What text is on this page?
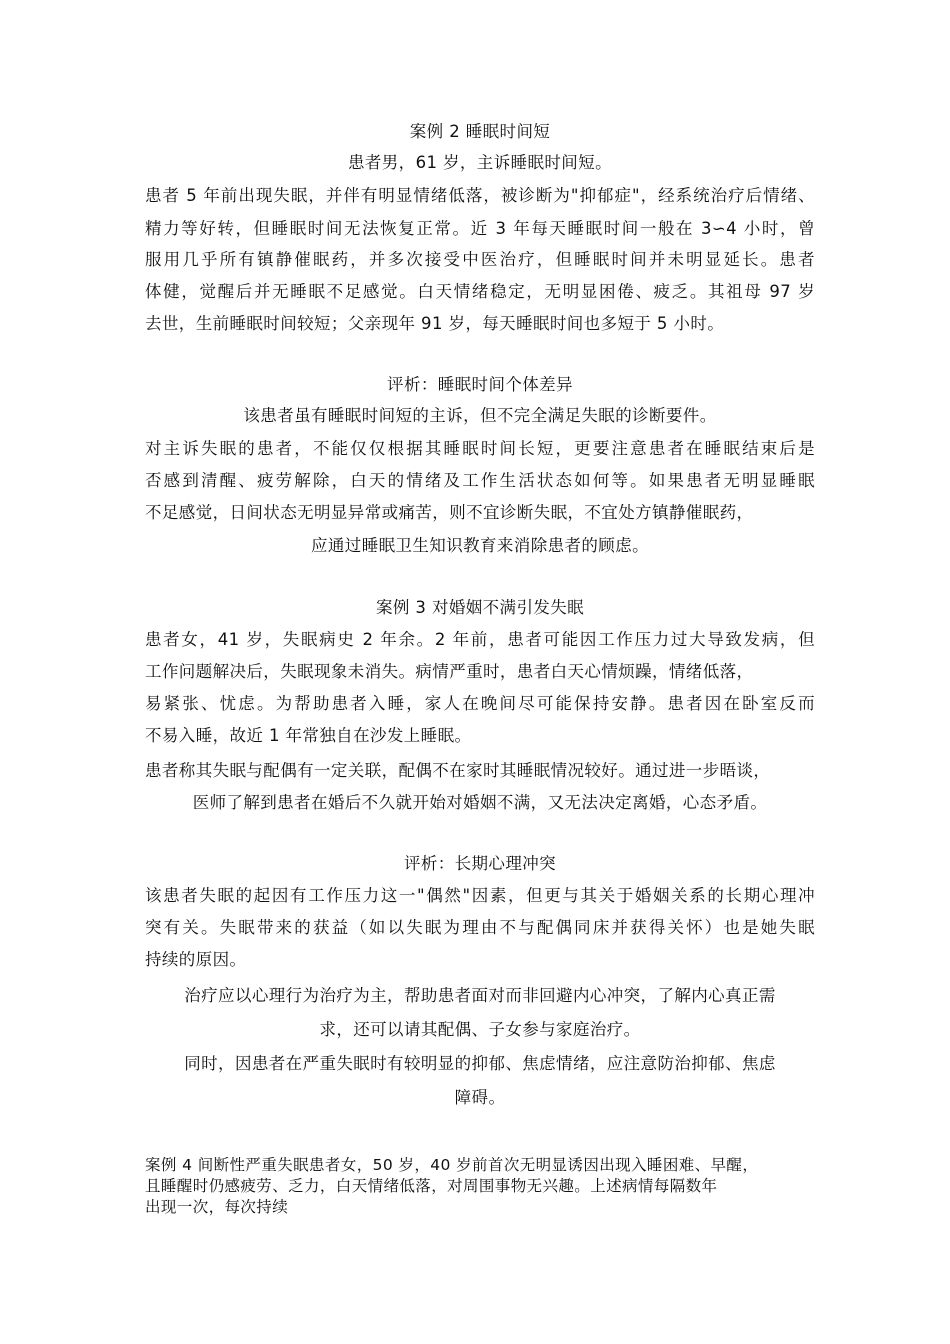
案例 2 睡眠时间短
患者男，61 岁，主诉睡眠时间短。
患者 5 年前出现失眠，并伴有明显情绪低落，被诊断为"抑郁症"，经系统治疗后情绪、
精力等好转，但睡眠时间无法恢复正常。近 3 年每天睡眠时间一般在 3∽4 小时，曾
服用几乎所有镇静催眠药，并多次接受中医治疗，但睡眠时间并未明显延长。患者
体健，觉醒后并无睡眠不足感觉。白天情绪稳定，无明显困倦、疲乏。其祖母 97 岁
去世，生前睡眠时间较短；父亲现年 91 岁，每天睡眠时间也多短于 5 小时。
评析：睡眠时间个体差异
该患者虽有睡眠时间短的主诉，但不完全满足失眠的诊断要件。
对主诉失眠的患者，不能仅仅根据其睡眠时间长短，更要注意患者在睡眠结束后是
否感到清醒、疲劳解除，白天的情绪及工作生活状态如何等。如果患者无明显睡眠
不足感觉，日间状态无明显异常或痛苦，则不宜诊断失眠，不宜处方镇静催眠药，
应通过睡眠卫生知识教育来消除患者的顾虑。
案例 3 对婚姻不满引发失眠
患者女，41 岁，失眠病史 2 年余。2 年前，患者可能因工作压力过大导致发病，但
工作问题解决后，失眠现象未消失。病情严重时，患者白天心情烦躁，情绪低落，
易紧张、忧虑。为帮助患者入睡，家人在晚间尽可能保持安静。患者因在卧室反而
不易入睡，故近 1 年常独自在沙发上睡眠。
患者称其失眠与配偶有一定关联，配偶不在家时其睡眠情况较好。通过进一步晤谈，
医师了解到患者在婚后不久就开始对婚姻不满，又无法决定离婚，心态矛盾。
评析：长期心理冲突
该患者失眠的起因有工作压力这一"偶然"因素，但更与其关于婚姻关系的长期心理冲
突有关。失眠带来的获益（如以失眠为理由不与配偶同床并获得关怀）也是她失眠
持续的原因。
治疗应以心理行为治疗为主，帮助患者面对而非回避内心冲突，了解内心真正需
求，还可以请其配偶、子女参与家庭治疗。
同时，因患者在严重失眠时有较明显的抑郁、焦虑情绪，应注意防治抑郁、焦虑
障碍。
案例 4 间断性严重失眠患者女，50 岁，40 岁前首次无明显诱因出现入睡困难、早醒，
且睡醒时仍感疲劳、乏力，白天情绪低落，对周围事物无兴趣。上述病情每隔数年
出现一次，每次持续
